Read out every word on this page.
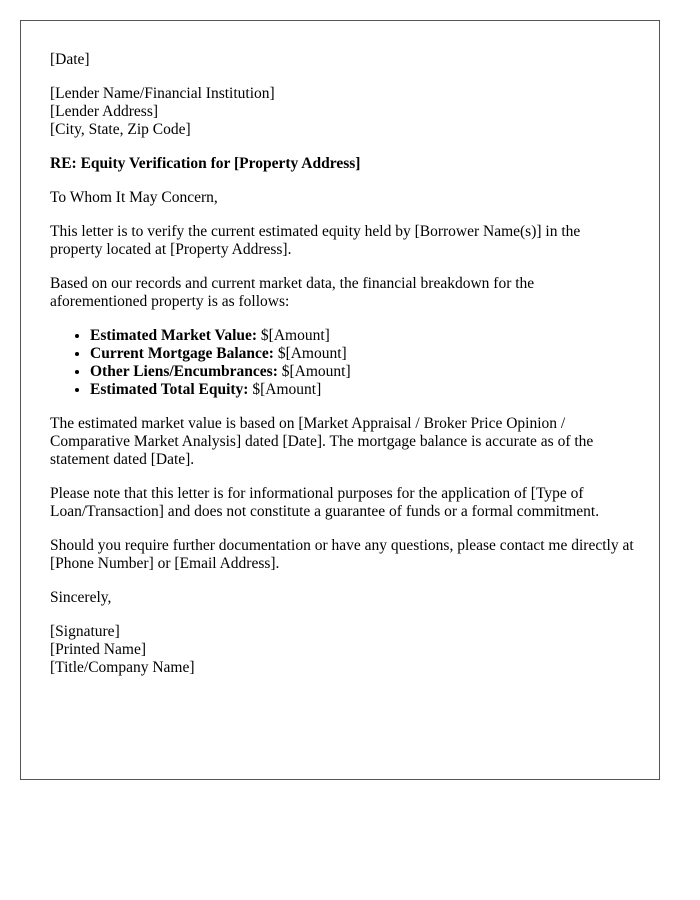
[Date]

[Lender Name/Financial Institution]
[Lender Address]
[City, State, Zip Code]

RE: Equity Verification for [Property Address]

To Whom It May Concern,

This letter is to verify the current estimated equity held by [Borrower Name(s)] in the property located at [Property Address].

Based on our records and current market data, the financial breakdown for the aforementioned property is as follows:

• Estimated Market Value: $[Amount]
• Current Mortgage Balance: $[Amount]
• Other Liens/Encumbrances: $[Amount]
• Estimated Total Equity: $[Amount]

The estimated market value is based on [Market Appraisal / Broker Price Opinion / Comparative Market Analysis] dated [Date]. The mortgage balance is accurate as of the statement dated [Date].

Please note that this letter is for informational purposes for the application of [Type of Loan/Transaction] and does not constitute a guarantee of funds or a formal commitment.

Should you require further documentation or have any questions, please contact me directly at [Phone Number] or [Email Address].

Sincerely,

[Signature]
[Printed Name]
[Title/Company Name]
